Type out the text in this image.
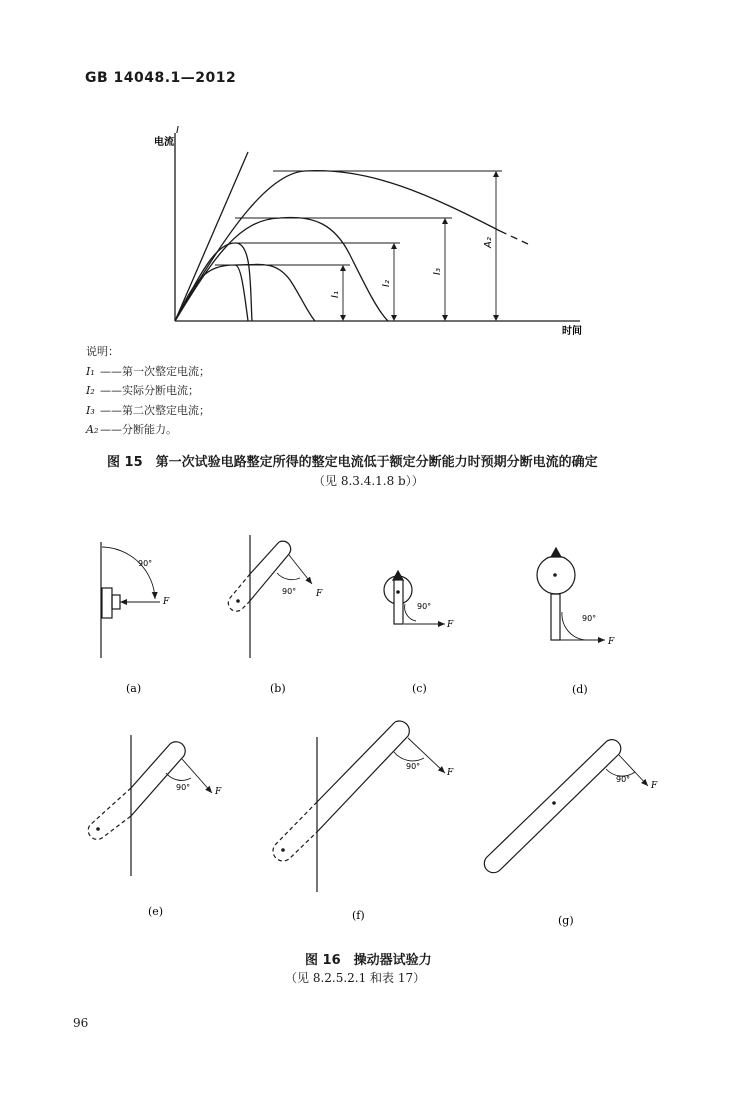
GB 14048.1—2012
I
电流
时间
I₁
I₂
I₃
A₂
说明：
I₁ ——第一次整定电流；
I₂ ——实际分断电流；
I₃ ——第二次整定电流；
A₂ ——分断能力。
图 15　第一次试验电路整定所得的整定电流低于额定分断能力时预期分断电流的确定
（见 8.3.4.1.8 b））
90°
F
(a)
90° F
(b)
90°
F
(c)
90°
F
(d)
90°	F
(e)
90°
F
(f)
90°
F
(g)
图 16　操动器试验力
（见 8.2.5.2.1 和表 17）
96
